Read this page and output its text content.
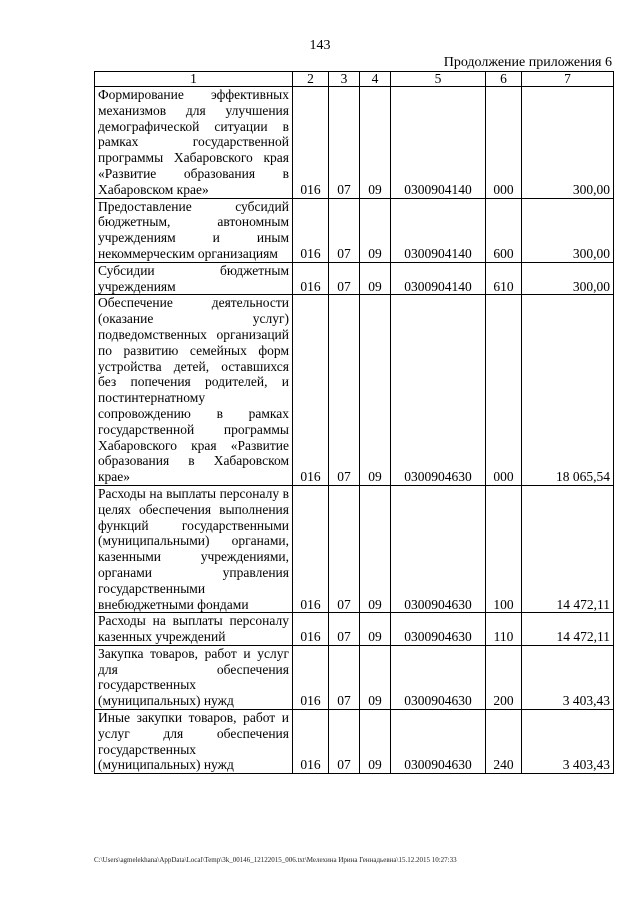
143
Продолжение приложения 6
1	2	3	4	5	6	7
Формирование эффективных механизмов для улучшения демографической ситуации в рамках государственной программы Хабаровского края «Развитие образования в Хабаровском крае»	016	07	09	0300904140	000	300,00
Предоставление субсидий бюджетным, автономным учреждениям и иным некоммерческим организациям	016	07	09	0300904140	600	300,00
Субсидии бюджетным учреждениям	016	07	09	0300904140	610	300,00
Обеспечение деятельности (оказание услуг) подведомственных организаций по развитию семейных форм устройства детей, оставшихся без попечения родителей, и постинтернатному сопровождению в рамках государственной программы Хабаровского края «Развитие образования в Хабаровском крае»	016	07	09	0300904630	000	18 065,54
Расходы на выплаты персоналу в целях обеспечения выполнения функций государственными (муниципальными) органами, казенными учреждениями, органами управления государственными внебюджетными фондами	016	07	09	0300904630	100	14 472,11
Расходы на выплаты персоналу казенных учреждений	016	07	09	0300904630	110	14 472,11
Закупка товаров, работ и услуг для обеспечения государственных (муниципальных) нужд	016	07	09	0300904630	200	3 403,43
Иные закупки товаров, работ и услуг для обеспечения государственных (муниципальных) нужд	016	07	09	0300904630	240	3 403,43
C:\Users\agmelekhana\AppData\Local\Temp\3k_00146_12122015_006.txt\Мелехина Ирина Геннадьевна\15.12.2015 10:27:33
